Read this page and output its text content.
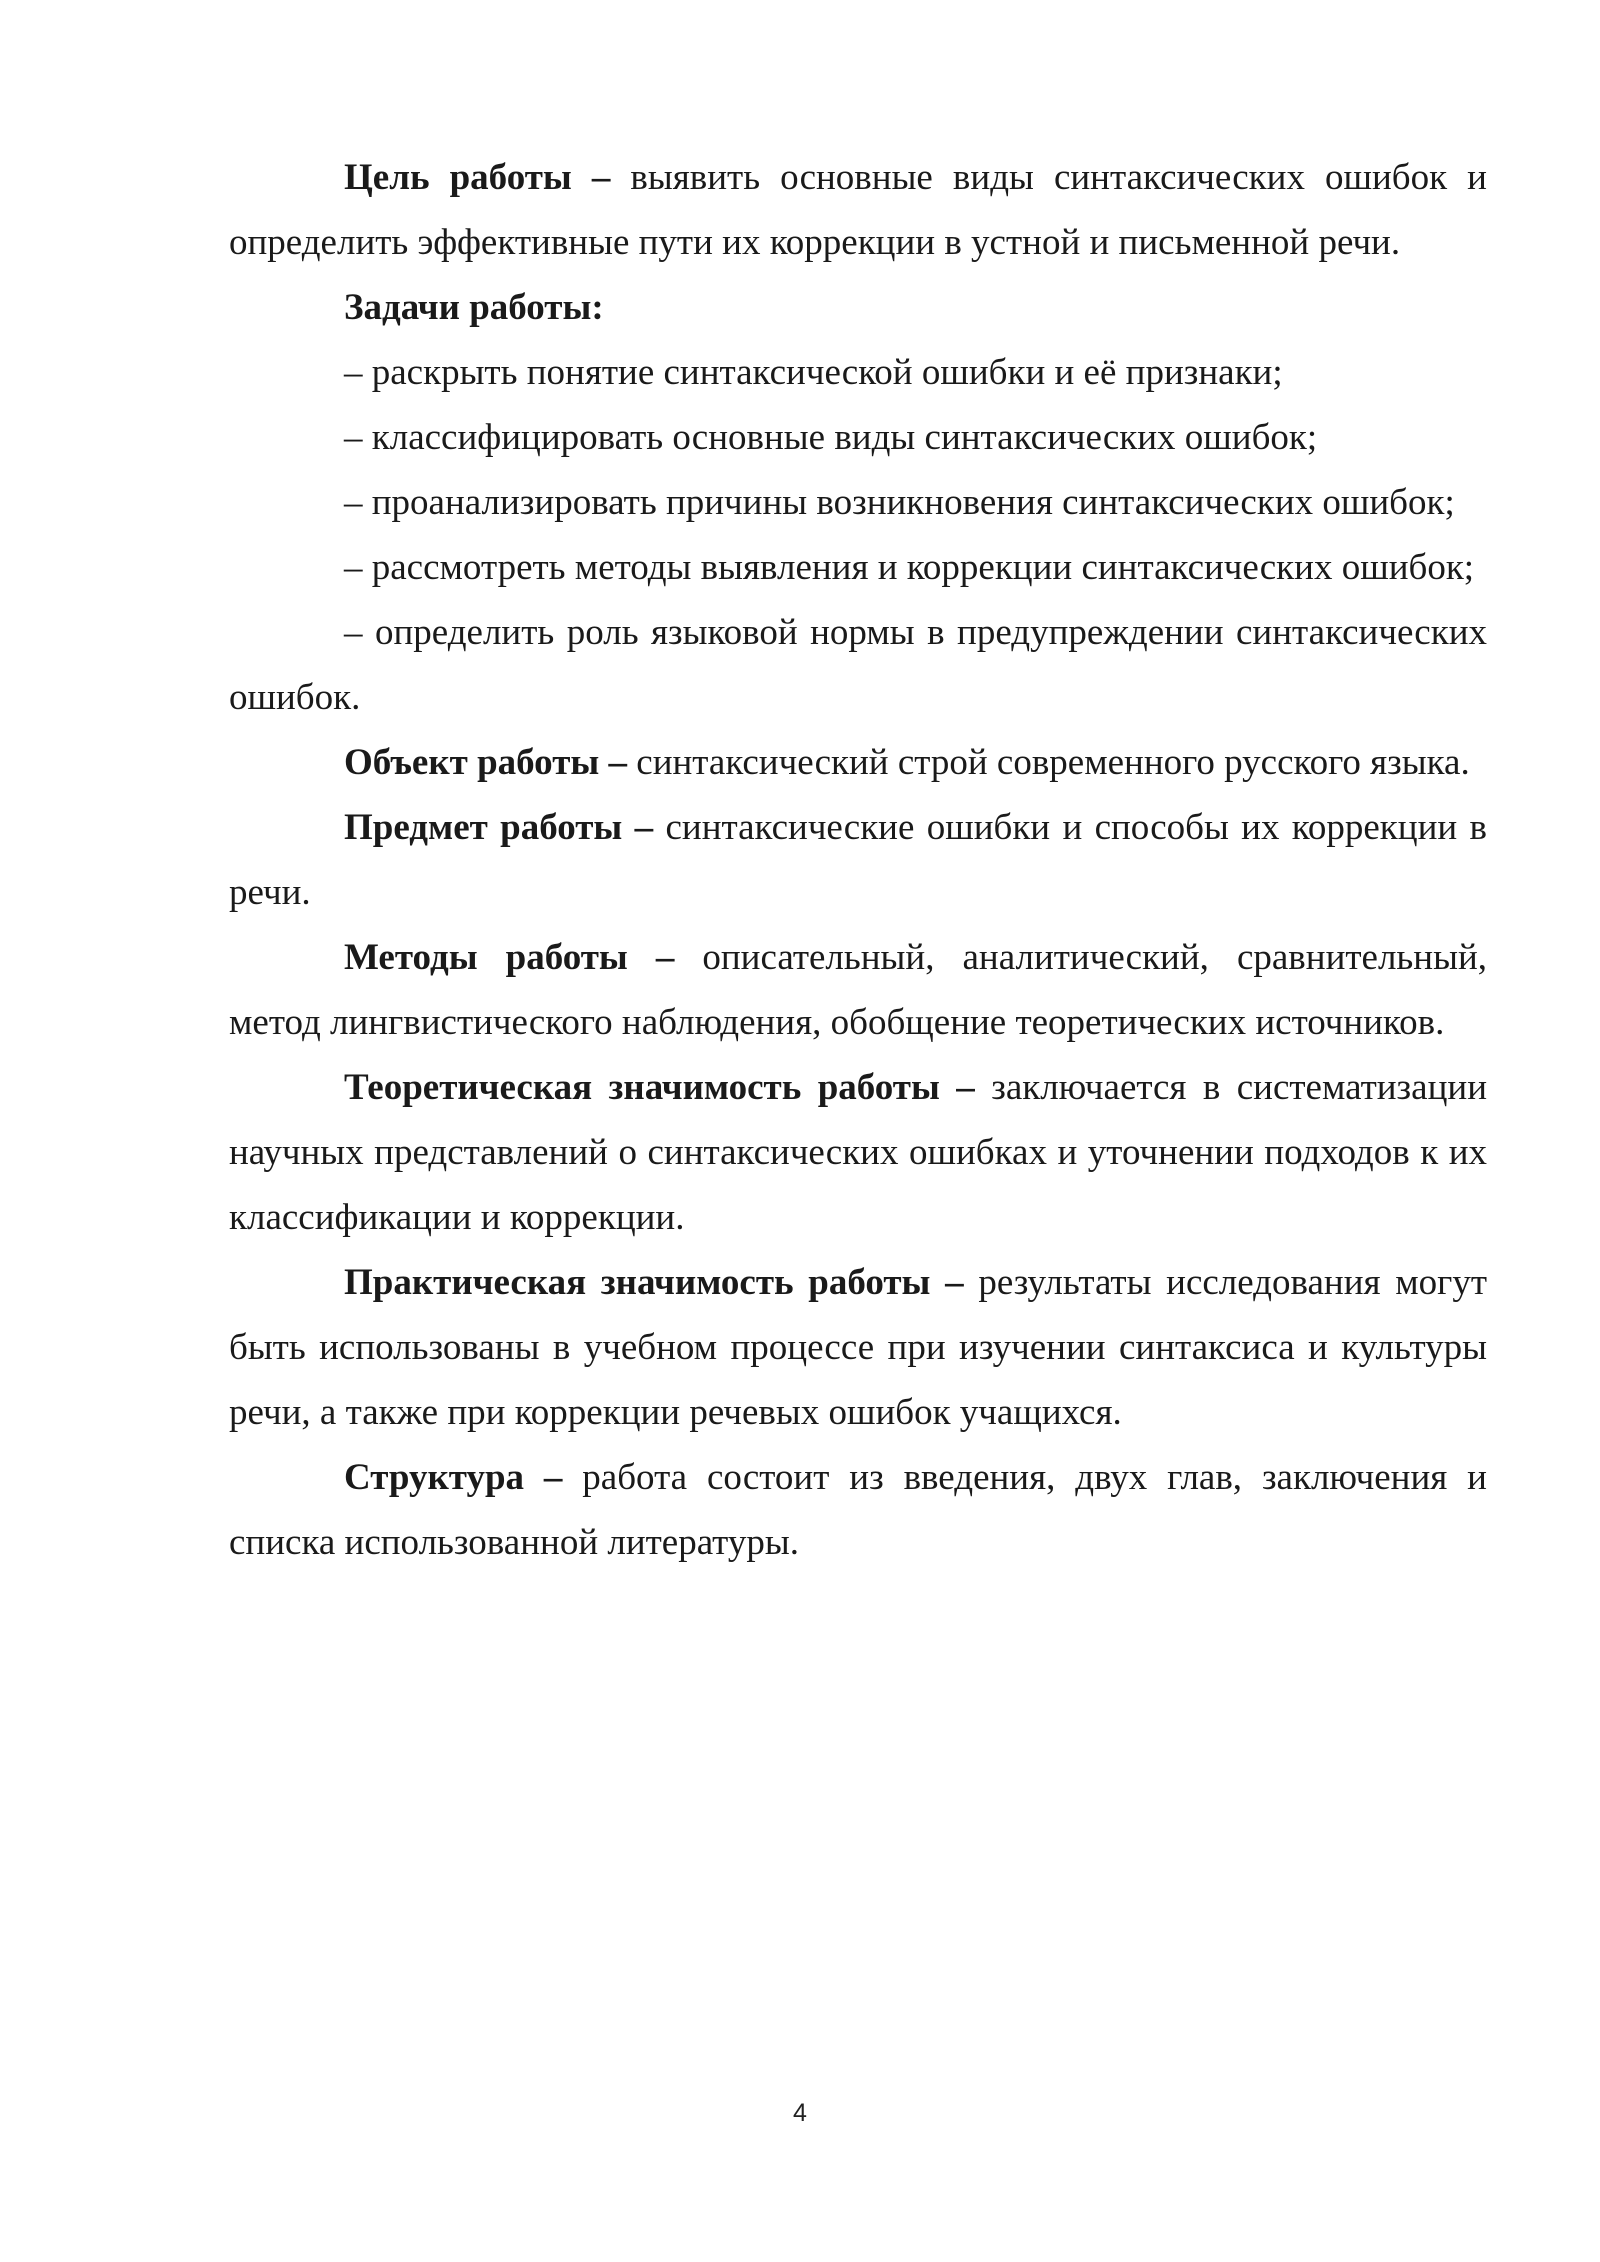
Цель работы – выявить основные виды синтаксических ошибок и определить эффективные пути их коррекции в устной и письменной речи.

Задачи работы:

– раскрыть понятие синтаксической ошибки и её признаки;

– классифицировать основные виды синтаксических ошибок;

– проанализировать причины возникновения синтаксических ошибок;

– рассмотреть методы выявления и коррекции синтаксических ошибок;

– определить роль языковой нормы в предупреждении синтаксических ошибок.

Объект работы – синтаксический строй современного русского языка.

Предмет работы – синтаксические ошибки и способы их коррекции в речи.

Методы работы – описательный, аналитический, сравнительный, метод лингвистического наблюдения, обобщение теоретических источников.

Теоретическая значимость работы – заключается в систематизации научных представлений о синтаксических ошибках и уточнении подходов к их классификации и коррекции.

Практическая значимость работы – результаты исследования могут быть использованы в учебном процессе при изучении синтаксиса и культуры речи, а также при коррекции речевых ошибок учащихся.

Структура – работа состоит из введения, двух глав, заключения и списка использованной литературы.

4
